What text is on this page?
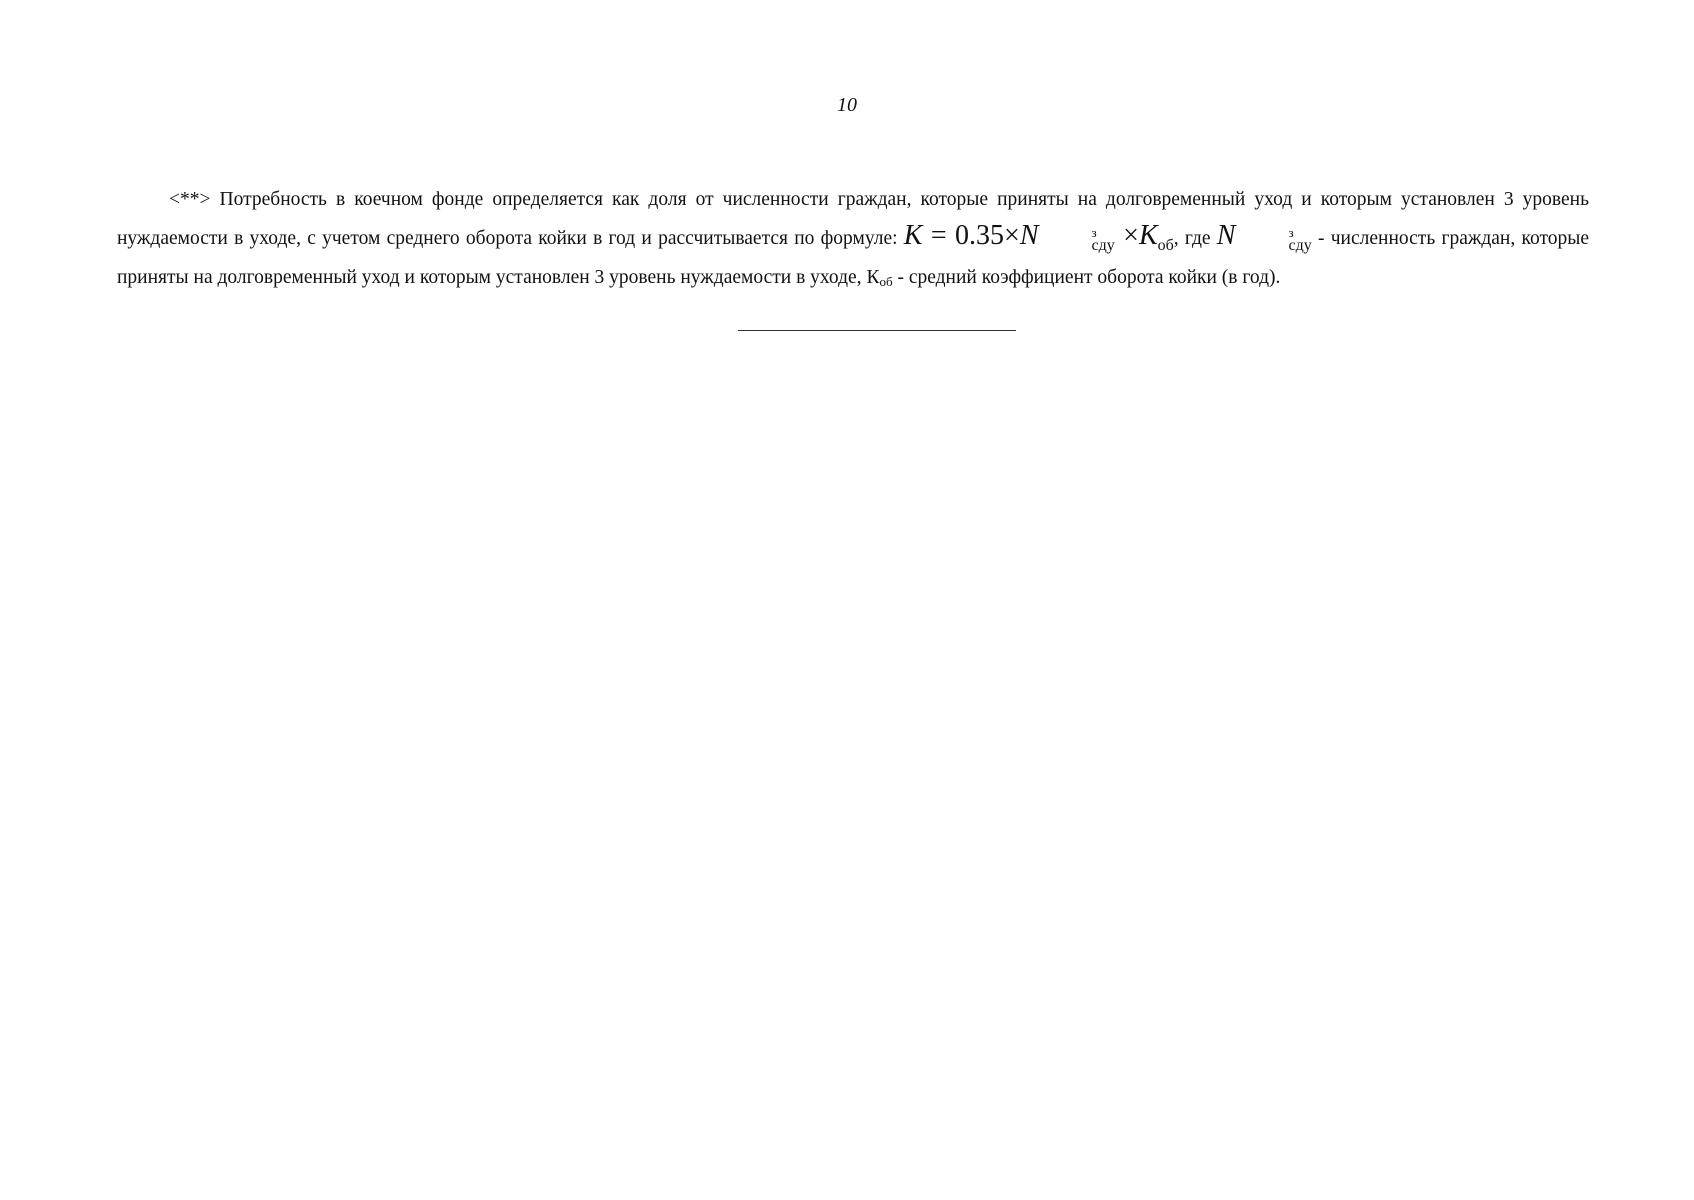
10

<**> Потребность в коечном фонде определяется как доля от численности граждан, которые приняты на долговременный уход и которым установлен 3 уровень нуждаемости в уходе, с учетом среднего оборота койки в год и рассчитывается по формуле: K = 0.35×N	з
сду $\times K_{об}$, где N	з
сду - численность граждан, которые приняты на долговременный уход и которым установлен 3 уровень нуждаемости в уходе, Коб - средний коэффициент оборота койки (в год).
